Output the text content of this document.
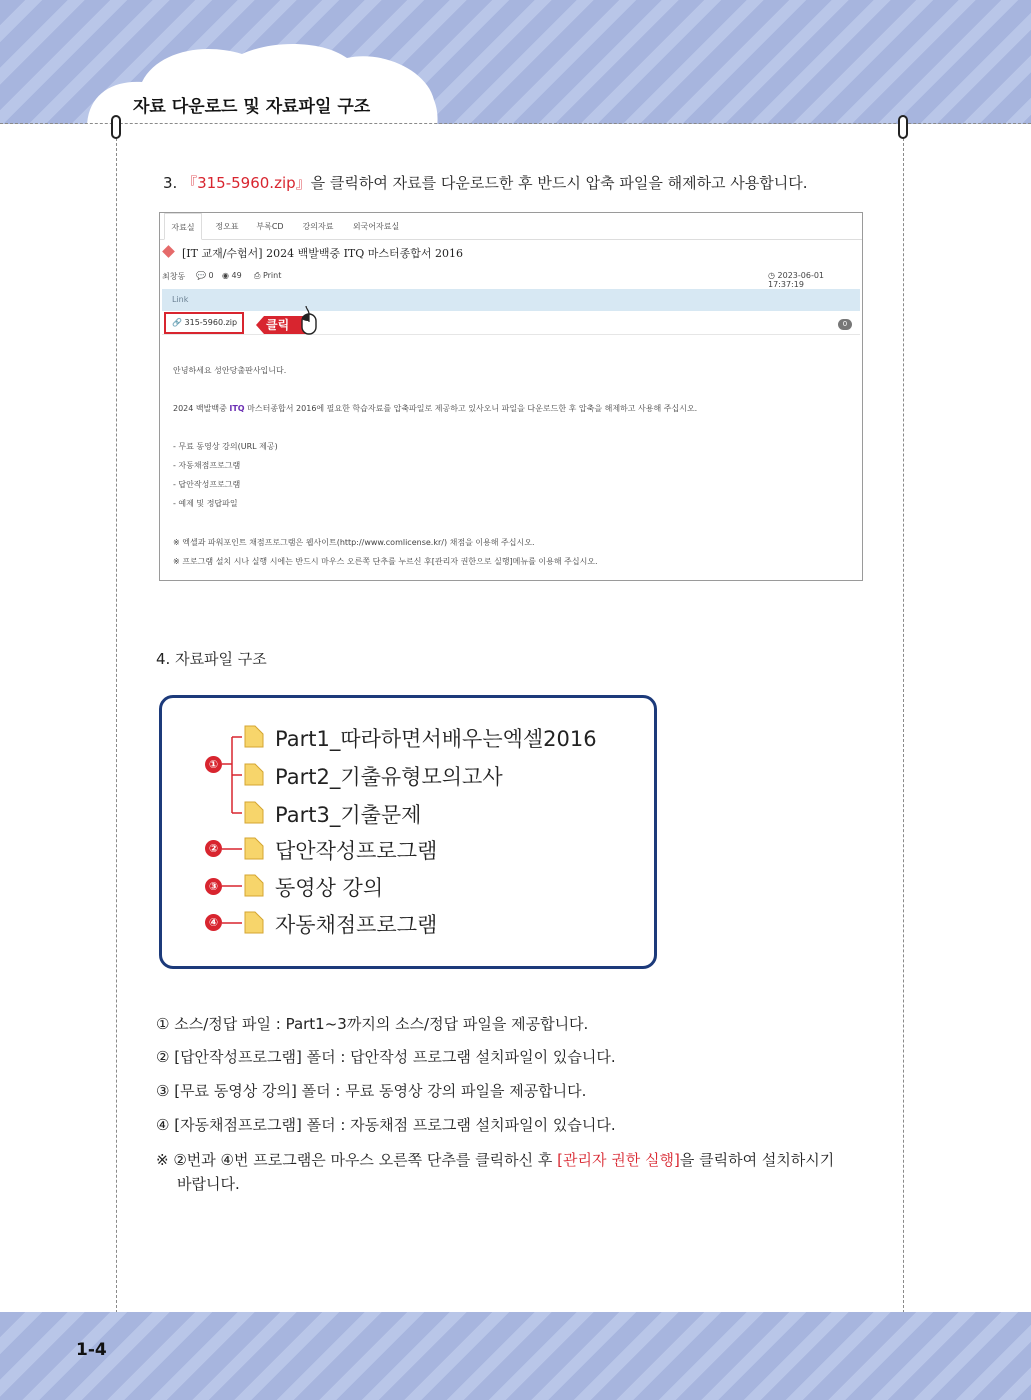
자료 다운로드 및 자료파일 구조
3. 『315-5960.zip』을 클릭하여 자료를 다운로드한 후 반드시 압축 파일을 해제하고 사용합니다.
자료실	정오표	부록CD	강의자료	외국어자료실
[IT 교재/수험서] 2024 백발백중 ITQ 마스터종합서 2016
최창동 💬 0 ◉ 49 ⎙ Print	◷ 2023-06-01 17:37:19
Link
🔗 315-5960.zip	클릭	0
안녕하세요 성안당출판사입니다.
2024 백발백중 ITQ 마스터종합서 2016에 필요한 학습자료를 압축파일로 제공하고 있사오니 파일을 다운로드한 후 압축을 해제하고 사용해 주십시오.
- 무료 동영상 강의(URL 제공)
- 자동채점프로그램
- 답안작성프로그램
- 예제 및 정답파일
※ 엑셀과 파워포인트 채점프로그램은 웹사이트(http://www.comlicense.kr/) 채점을 이용해 주십시오.
※ 프로그램 설치 시나 실행 시에는 반드시 마우스 오른쪽 단추를 누르신 후[관리자 권한으로 실행]메뉴를 이용해 주십시오.
4. 자료파일 구조
①
②
③
④
Part1_따라하면서배우는엑셀2016
Part2_기출유형모의고사
Part3_기출문제
답안작성프로그램
동영상 강의
자동채점프로그램
① 소스/정답 파일 : Part1~3까지의 소스/정답 파일을 제공합니다.
② [답안작성프로그램] 폴더 : 답안작성 프로그램 설치파일이 있습니다.
③ [무료 동영상 강의] 폴더 : 무료 동영상 강의 파일을 제공합니다.
④ [자동채점프로그램] 폴더 : 자동채점 프로그램 설치파일이 있습니다.
※ ②번과 ④번 프로그램은 마우스 오른쪽 단추를 클릭하신 후 [관리자 권한 실행]을 클릭하여 설치하시기
바랍니다.
1-4
